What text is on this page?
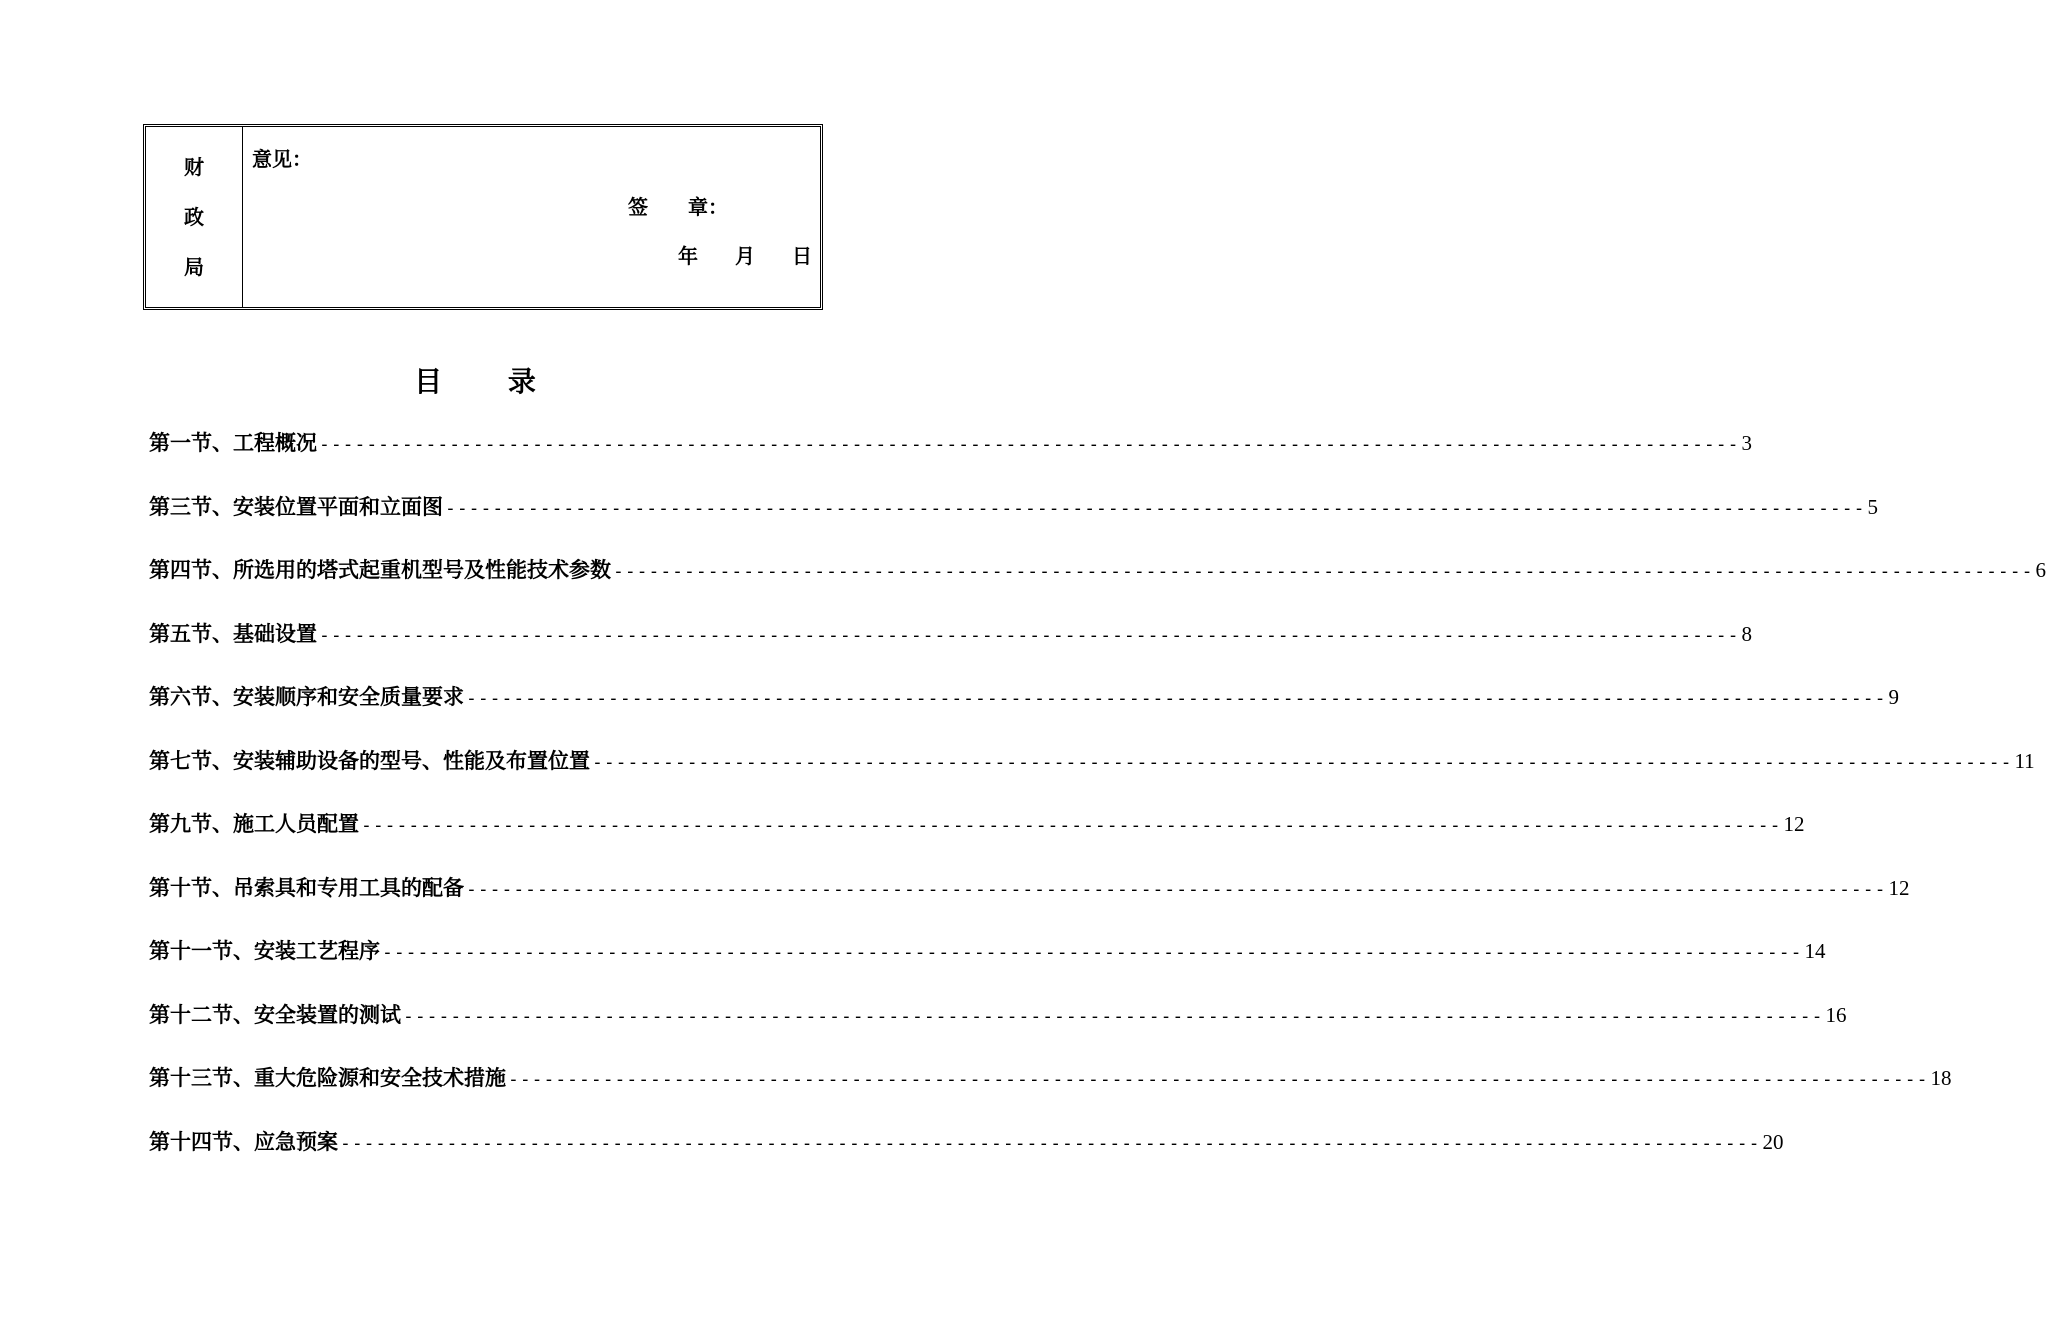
财
政
局
意见：
签　　章：
年	月	日
目 录
第一节、工程概况 ------------------------------------------------------------------------------------------------------------------------ 3
第三节、安装位置平面和立面图 ------------------------------------------------------------------------------------------------------------------------ 5
第四节、所选用的塔式起重机型号及性能技术参数 ------------------------------------------------------------------------------------------------------------------------ 6
第五节、基础设置 ------------------------------------------------------------------------------------------------------------------------ 8
第六节、安装顺序和安全质量要求 ------------------------------------------------------------------------------------------------------------------------ 9
第七节、安装辅助设备的型号、性能及布置位置 ------------------------------------------------------------------------------------------------------------------------ 11
第九节、施工人员配置 ------------------------------------------------------------------------------------------------------------------------ 12
第十节、吊索具和专用工具的配备 ------------------------------------------------------------------------------------------------------------------------ 12
第十一节、安装工艺程序 ------------------------------------------------------------------------------------------------------------------------ 14
第十二节、安全装置的测试 ------------------------------------------------------------------------------------------------------------------------ 16
第十三节、重大危险源和安全技术措施 ------------------------------------------------------------------------------------------------------------------------ 18
第十四节、应急预案 ------------------------------------------------------------------------------------------------------------------------ 20
